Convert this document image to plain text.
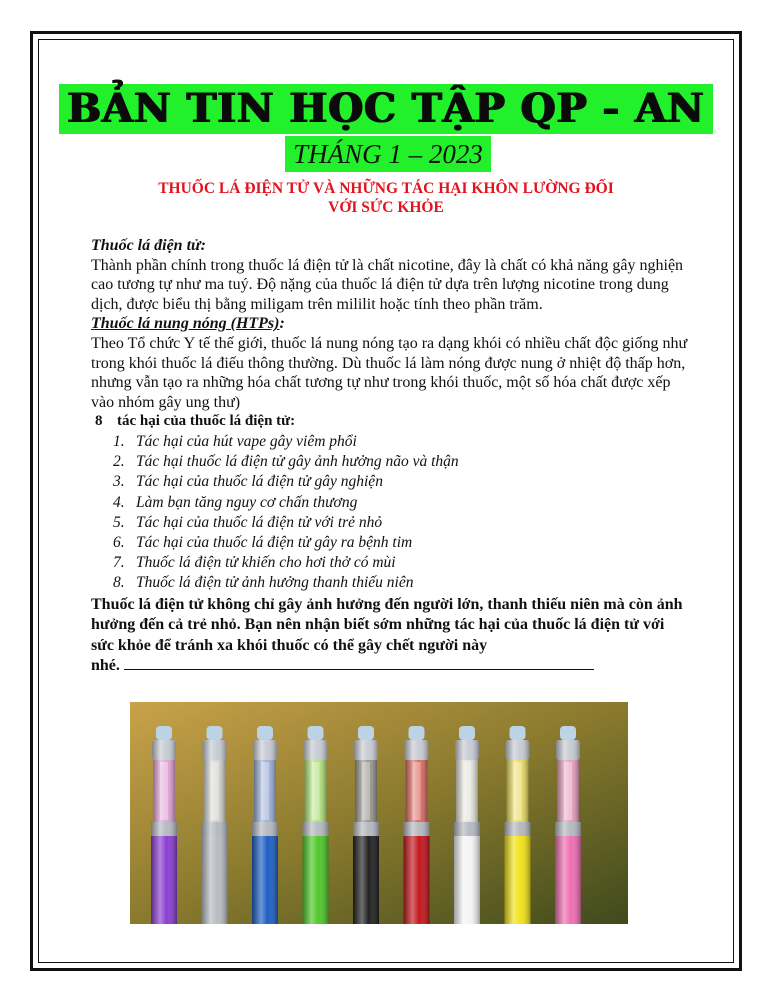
BẢN TIN HỌC TẬP QP - AN
THÁNG 1 – 2023
THUỐC LÁ ĐIỆN TỬ VÀ NHỮNG TÁC HẠI KHÔN LƯỜNG ĐỐI VỚI SỨC KHỎE

Thuốc lá điện tử:

Thành phần chính trong thuốc lá điện tử là chất nicotine, đây là chất có khả năng gây nghiện cao tương tự như ma tuý. Độ nặng của thuốc lá điện tử dựa trên lượng nicotine trong dung dịch, được biểu thị bằng miligam trên mililit hoặc tính theo phần trăm.

Thuốc lá nung nóng (HTPs):

Theo Tổ chức Y tế thế giới, thuốc lá nung nóng tạo ra dạng khói có nhiều chất độc giống như trong khói thuốc lá điếu thông thường. Dù thuốc lá làm nóng được nung ở nhiệt độ thấp hơn, nhưng vẫn tạo ra những hóa chất tương tự như trong khói thuốc, một số hóa chất được xếp vào nhóm gây ung thư)

8 tác hại của thuốc lá điện tử:

1. Tác hại của hút vape gây viêm phổi
2. Tác hại thuốc lá điện tử gây ảnh hưởng não và thận
3. Tác hại của thuốc lá điện tử gây nghiện
4. Làm bạn tăng nguy cơ chấn thương
5. Tác hại của thuốc lá điện tử với trẻ nhỏ
6. Tác hại của thuốc lá điện tử gây ra bệnh tim
7. Thuốc lá điện tử khiến cho hơi thở có mùi
8. Thuốc lá điện tử ảnh hưởng thanh thiếu niên

Thuốc lá điện tử không chỉ gây ảnh hưởng đến người lớn, thanh thiếu niên mà còn ảnh hưởng đến cả trẻ nhỏ. Bạn nên nhận biết sớm những tác hại của thuốc lá điện tử với sức khỏe để tránh xa khói thuốc có thể gây chết người này
nhé.
